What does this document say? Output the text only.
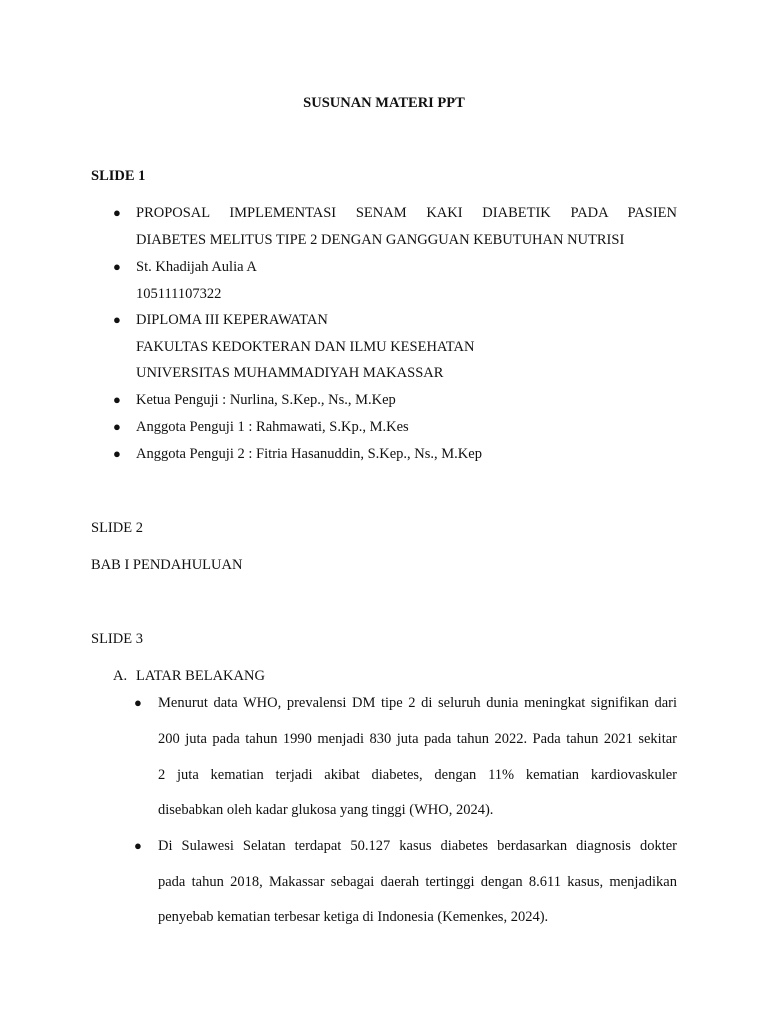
SUSUNAN MATERI PPT
SLIDE 1
● PROPOSAL IMPLEMENTASI SENAM KAKI DIABETIK PADA PASIEN
DIABETES MELITUS TIPE 2 DENGAN GANGGUAN KEBUTUHAN NUTRISI
● St. Khadijah Aulia A
105111107322
● DIPLOMA III KEPERAWATAN
FAKULTAS KEDOKTERAN DAN ILMU KESEHATAN
UNIVERSITAS MUHAMMADIYAH MAKASSAR
● Ketua Penguji : Nurlina, S.Kep., Ns., M.Kep
● Anggota Penguji 1 : Rahmawati, S.Kp., M.Kes
● Anggota Penguji 2 : Fitria Hasanuddin, S.Kep., Ns., M.Kep
SLIDE 2
BAB I PENDAHULUAN
SLIDE 3
A. LATAR BELAKANG
● Menurut data WHO, prevalensi DM tipe 2 di seluruh dunia meningkat signifikan dari
200 juta pada tahun 1990 menjadi 830 juta pada tahun 2022. Pada tahun 2021 sekitar
2 juta kematian terjadi akibat diabetes, dengan 11% kematian kardiovaskuler
disebabkan oleh kadar glukosa yang tinggi (WHO, 2024).
● Di Sulawesi Selatan terdapat 50.127 kasus diabetes berdasarkan diagnosis dokter
pada tahun 2018, Makassar sebagai daerah tertinggi dengan 8.611 kasus, menjadikan
penyebab kematian terbesar ketiga di Indonesia (Kemenkes, 2024).
